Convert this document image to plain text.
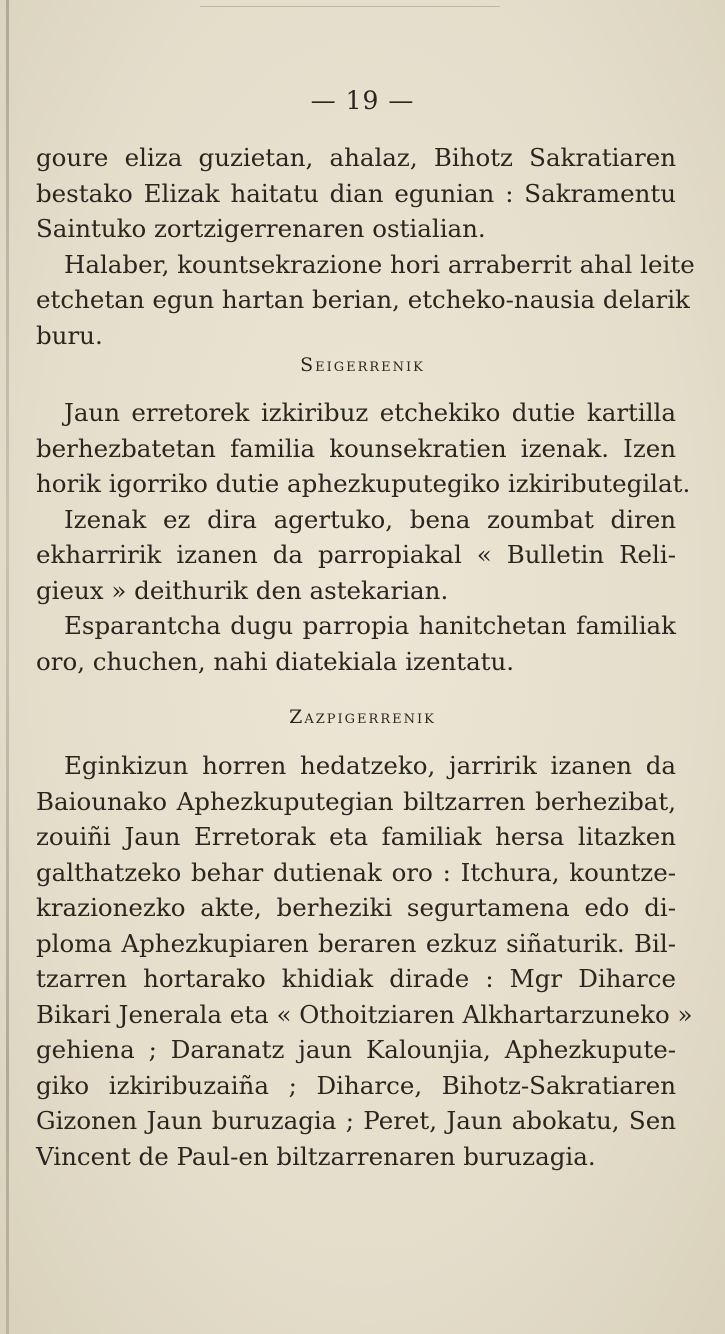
— 19 —
goure eliza guzietan, ahalaz, Bihotz Sakratiaren
bestako Elizak haitatu dian egunian : Sakramentu
Saintuko zortzigerrenaren ostialian.
Halaber, kountsekrazione hori arraberrit ahal leite
etchetan egun hartan berian, etcheko-nausia delarik
buru.
Seigerrenik
Jaun erretorek izkiribuz etchekiko dutie kartilla
berhezbatetan familia kounsekratien izenak. Izen
horik igorriko dutie aphezkuputegiko izkiributegilat.
Izenak ez dira agertuko, bena zoumbat diren
ekharririk izanen da parropiakal « Bulletin Reli-
gieux » deithurik den astekarian.
Esparantcha dugu parropia hanitchetan familiak
oro, chuchen, nahi diatekiala izentatu.
Zazpigerrenik
Eginkizun horren hedatzeko, jarririk izanen da
Baiounako Aphezkuputegian biltzarren berhezibat,
zouiñi Jaun Erretorak eta familiak hersa litazken
galthatzeko behar dutienak oro : Itchura, kountze-
krazionezko akte, berheziki segurtamena edo di-
ploma Aphezkupiaren beraren ezkuz siñaturik. Bil-
tzarren hortarako khidiak dirade : Mgr Diharce
Bikari Jenerala eta « Othoitziaren Alkhartarzuneko »
gehiena ; Daranatz jaun Kalounjia, Aphezkupute-
giko izkiribuzaiña ; Diharce, Bihotz-Sakratiaren
Gizonen Jaun buruzagia ; Peret, Jaun abokatu, Sen
Vincent de Paul-en biltzarrenaren buruzagia.
